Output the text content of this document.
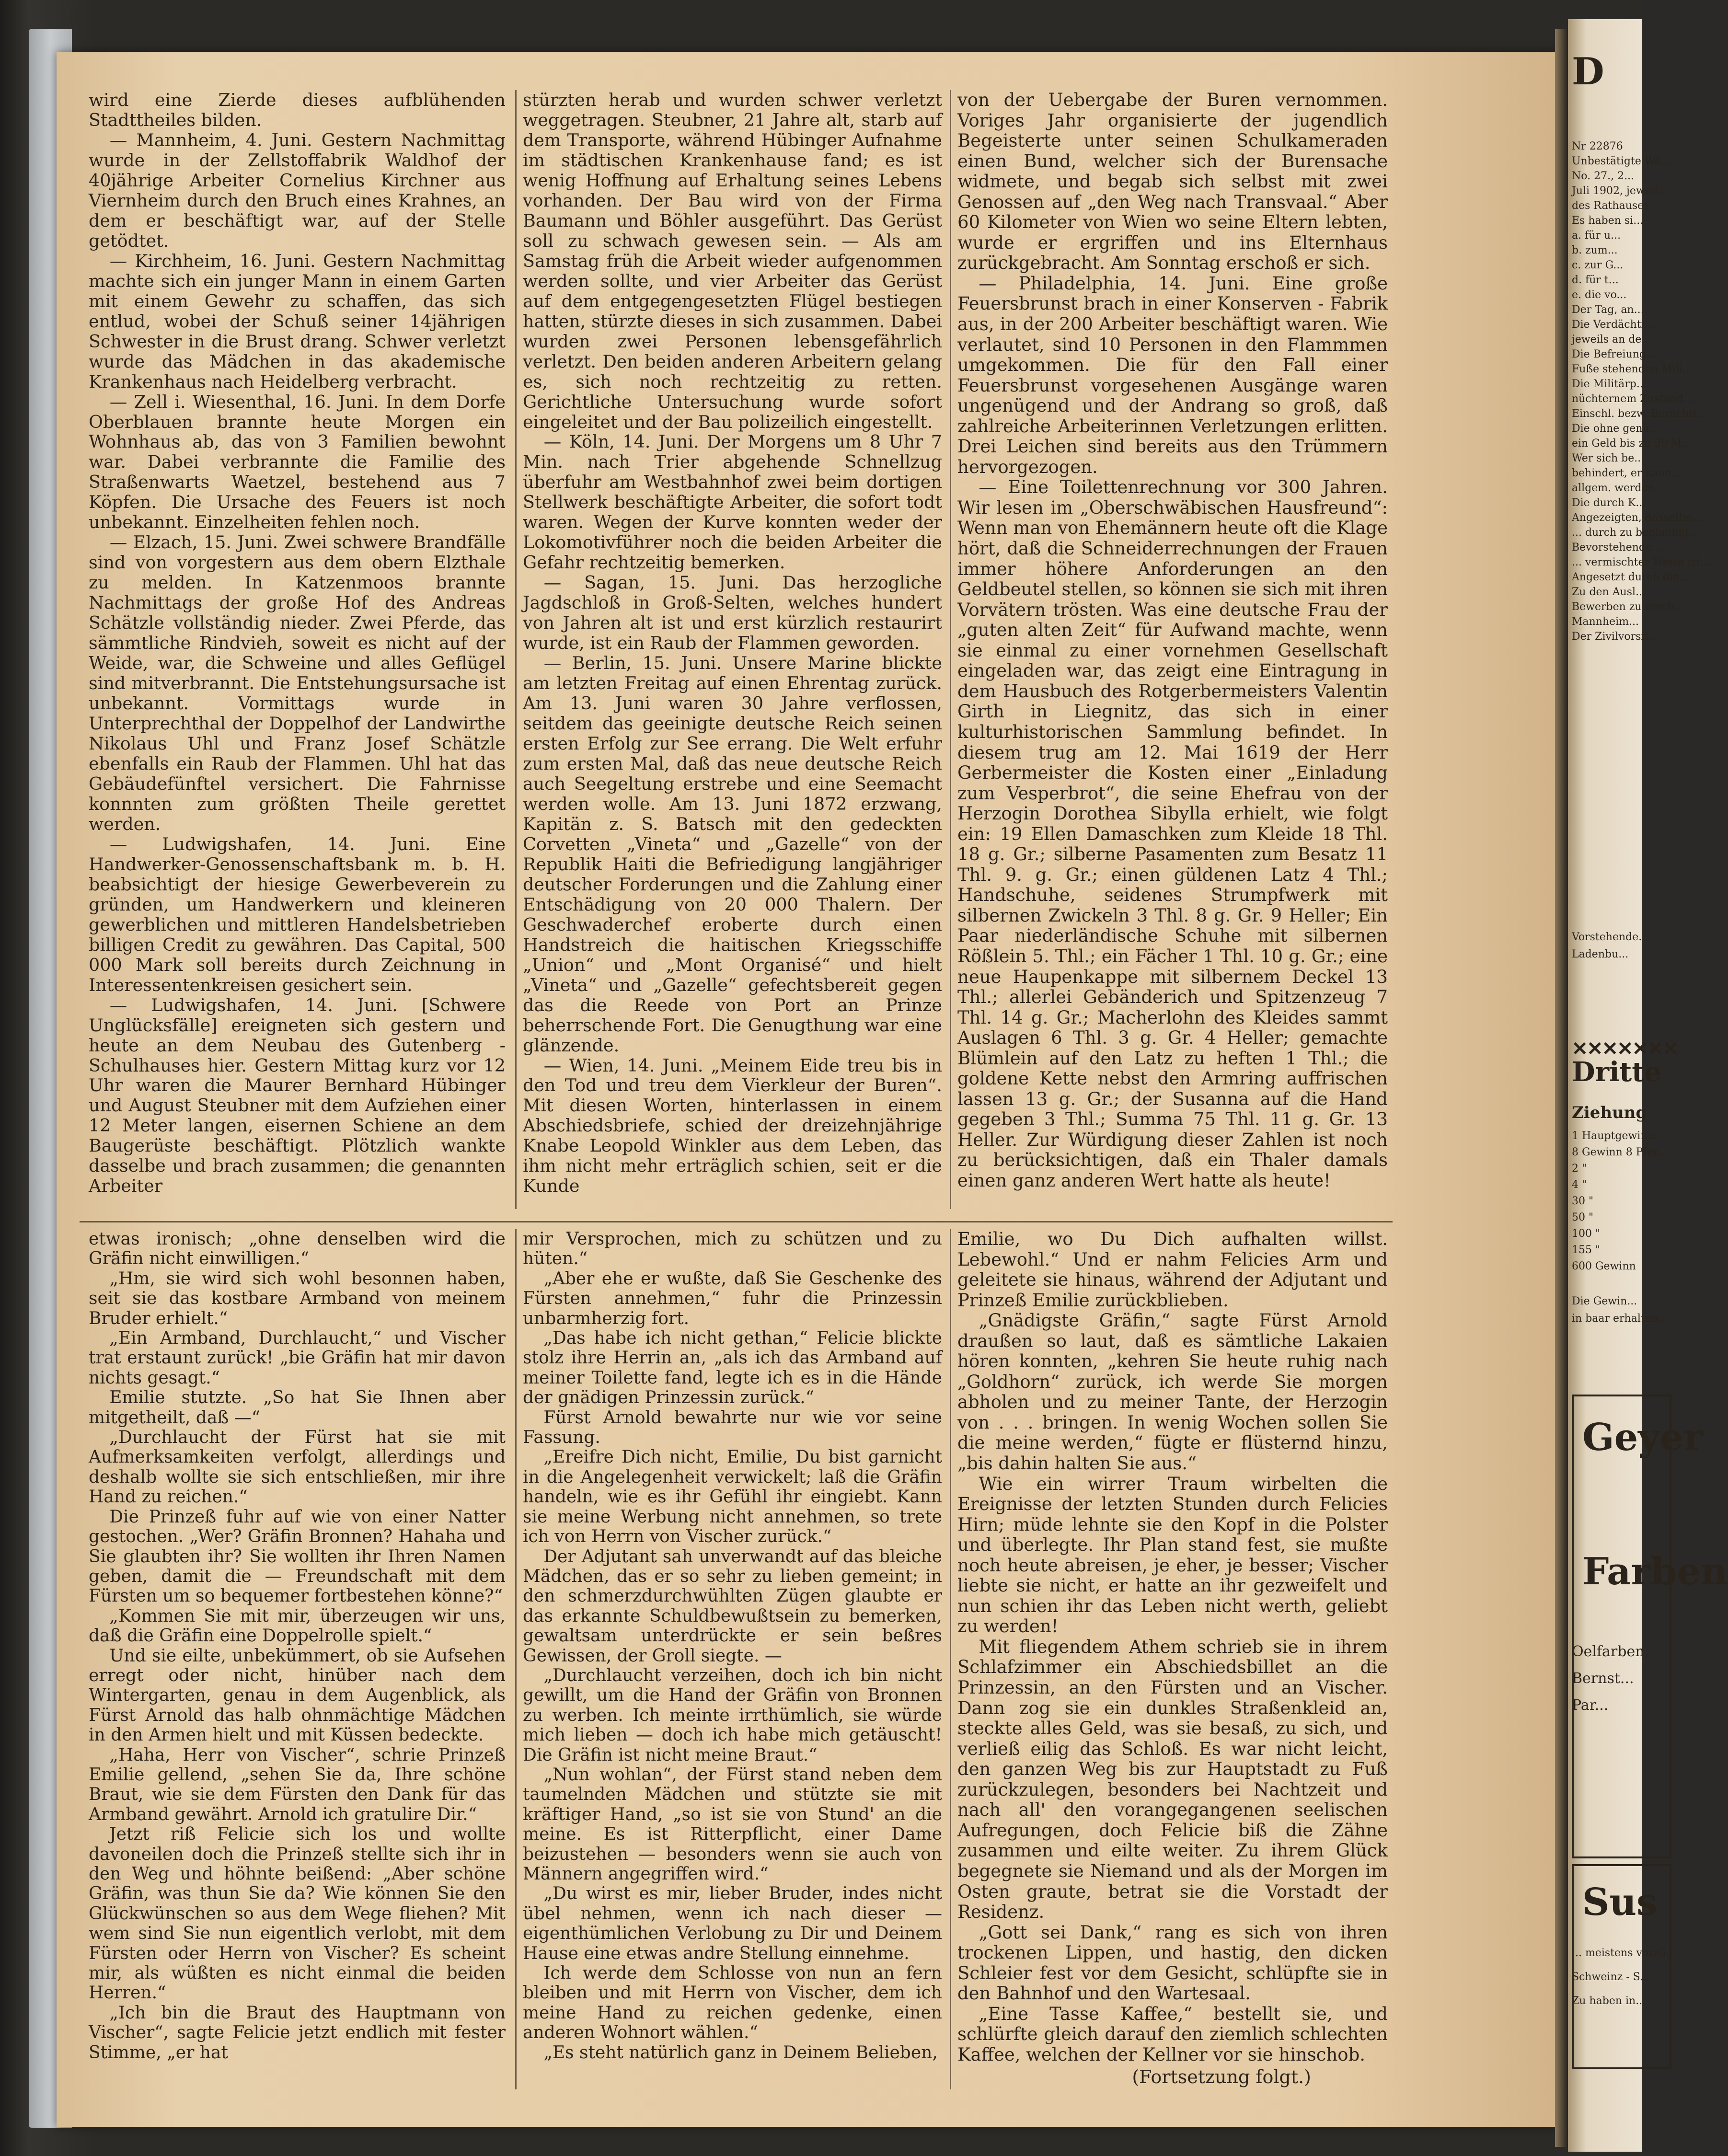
wird eine Zierde dieses aufblühenden Stadttheiles bilden.

— Mannheim, 4. Juni. Gestern Nachmittag wurde in der Zellstoffabrik Waldhof der 40jährige Arbeiter Cornelius Kirchner aus Viernheim durch den Bruch eines Krahnes, an dem er beschäftigt war, auf der Stelle getödtet.

— Kirchheim, 16. Juni. Gestern Nachmittag machte sich ein junger Mann in einem Garten mit einem Gewehr zu schaffen, das sich entlud, wobei der Schuß seiner 14jährigen Schwester in die Brust drang. Schwer verletzt wurde das Mädchen in das akademische Krankenhaus nach Heidelberg verbracht.

— Zell i. Wiesenthal, 16. Juni. In dem Dorfe Oberblauen brannte heute Morgen ein Wohnhaus ab, das von 3 Familien bewohnt war. Dabei verbrannte die Familie des Straßenwarts Waetzel, bestehend aus 7 Köpfen. Die Ursache des Feuers ist noch unbekannt. Einzelheiten fehlen noch.

— Elzach, 15. Juni. Zwei schwere Brandfälle sind von vorgestern aus dem obern Elzthale zu melden. In Katzenmoos brannte Nachmittags der große Hof des Andreas Schätzle vollständig nieder. Zwei Pferde, das sämmtliche Rindvieh, soweit es nicht auf der Weide, war, die Schweine und alles Geflügel sind mitverbrannt. Die Entstehungsursache ist unbekannt. Vormittags wurde in Unterprechthal der Doppelhof der Landwirthe Nikolaus Uhl und Franz Josef Schätzle ebenfalls ein Raub der Flammen. Uhl hat das Gebäudefünftel versichert. Die Fahrnisse konnnten zum größten Theile gerettet werden.

— Ludwigshafen, 14. Juni. Eine Handwerker-Genossenschaftsbank m. b. H. beabsichtigt der hiesige Gewerbeverein zu gründen, um Handwerkern und kleineren gewerblichen und mittleren Handelsbetrieben billigen Credit zu gewähren. Das Capital, 500 000 Mark soll bereits durch Zeichnung in Interessentenkreisen gesichert sein.

— Ludwigshafen, 14. Juni. [Schwere Unglücksfälle] ereigneten sich gestern und heute an dem Neubau des Gutenberg - Schulhauses hier. Gestern Mittag kurz vor 12 Uhr waren die Maurer Bernhard Hübinger und August Steubner mit dem Aufziehen einer 12 Meter langen, eisernen Schiene an dem Baugerüste beschäftigt. Plötzlich wankte dasselbe und brach zusammen; die genannten Arbeiter

stürzten herab und wurden schwer verletzt weggetragen. Steubner, 21 Jahre alt, starb auf dem Transporte, während Hübinger Aufnahme im städtischen Krankenhause fand; es ist wenig Hoffnung auf Erhaltung seines Lebens vorhanden. Der Bau wird von der Firma Baumann und Böhler ausgeführt. Das Gerüst soll zu schwach gewesen sein. — Als am Samstag früh die Arbeit wieder aufgenommen werden sollte, und vier Arbeiter das Gerüst auf dem entgegengesetzten Flügel bestiegen hatten, stürzte dieses in sich zusammen. Dabei wurden zwei Personen lebensgefährlich verletzt. Den beiden anderen Arbeitern gelang es, sich noch rechtzeitig zu retten. Gerichtliche Untersuchung wurde sofort eingeleitet und der Bau polizeilich eingestellt.

— Köln, 14. Juni. Der Morgens um 8 Uhr 7 Min. nach Trier abgehende Schnellzug überfuhr am Westbahnhof zwei beim dortigen Stellwerk beschäftigte Arbeiter, die sofort todt waren. Wegen der Kurve konnten weder der Lokomotivführer noch die beiden Arbeiter die Gefahr rechtzeitig bemerken.

— Sagan, 15. Juni. Das herzogliche Jagdschloß in Groß-Selten, welches hundert von Jahren alt ist und erst kürzlich restaurirt wurde, ist ein Raub der Flammen geworden.

— Berlin, 15. Juni. Unsere Marine blickte am letzten Freitag auf einen Ehrentag zurück. Am 13. Juni waren 30 Jahre verflossen, seitdem das geeinigte deutsche Reich seinen ersten Erfolg zur See errang. Die Welt erfuhr zum ersten Mal, daß das neue deutsche Reich auch Seegeltung erstrebe und eine Seemacht werden wolle. Am 13. Juni 1872 erzwang, Kapitän z. S. Batsch mit den gedeckten Corvetten „Vineta“ und „Gazelle“ von der Republik Haiti die Befriedigung langjähriger deutscher Forderungen und die Zahlung einer Entschädigung von 20 000 Thalern. Der Geschwaderchef eroberte durch einen Handstreich die haitischen Kriegsschiffe „Union“ und „Mont Organisé“ und hielt „Vineta“ und „Gazelle“ gefechtsbereit gegen das die Reede von Port an Prinze beherrschende Fort. Die Genugthung war eine glänzende.

— Wien, 14. Juni. „Meinem Eide treu bis in den Tod und treu dem Vierkleur der Buren“. Mit diesen Worten, hinterlassen in einem Abschiedsbriefe, schied der dreizehnjährige Knabe Leopold Winkler aus dem Leben, das ihm nicht mehr erträglich schien, seit er die Kunde

von der Uebergabe der Buren vernommen. Voriges Jahr organisierte der jugendlich Begeisterte unter seinen Schulkameraden einen Bund, welcher sich der Burensache widmete, und begab sich selbst mit zwei Genossen auf „den Weg nach Transvaal.“ Aber 60 Kilometer von Wien wo seine Eltern lebten, wurde er ergriffen und ins Elternhaus zurückgebracht. Am Sonntag erschoß er sich.

— Philadelphia, 14. Juni. Eine große Feuersbrunst brach in einer Konserven - Fabrik aus, in der 200 Arbeiter beschäftigt waren. Wie verlautet, sind 10 Personen in den Flammmen umgekommen. Die für den Fall einer Feuersbrunst vorgesehenen Ausgänge waren ungenügend und der Andrang so groß, daß zahlreiche Arbeiterinnen Verletzungen erlitten. Drei Leichen sind bereits aus den Trümmern hervorgezogen.

— Eine Toilettenrechnung vor 300 Jahren. Wir lesen im „Oberschwäbischen Hausfreund“: Wenn man von Ehemännern heute oft die Klage hört, daß die Schneiderrechnungen der Frauen immer höhere Anforderungen an den Geldbeutel stellen, so können sie sich mit ihren Vorvätern trösten. Was eine deutsche Frau der „guten alten Zeit“ für Aufwand machte, wenn sie einmal zu einer vornehmen Gesellschaft eingeladen war, das zeigt eine Eintragung in dem Hausbuch des Rotgerbermeisters Valentin Girth in Liegnitz, das sich in einer kulturhistorischen Sammlung befindet. In diesem trug am 12. Mai 1619 der Herr Gerbermeister die Kosten einer „Einladung zum Vesperbrot“, die seine Ehefrau von der Herzogin Dorothea Sibylla erhielt, wie folgt ein: 19 Ellen Damaschken zum Kleide 18 Thl. 18 g. Gr.; silberne Pasamenten zum Besatz 11 Thl. 9. g. Gr.; einen güldenen Latz 4 Thl.; Handschuhe, seidenes Strumpfwerk mit silbernen Zwickeln 3 Thl. 8 g. Gr. 9 Heller; Ein Paar niederländische Schuhe mit silbernen Rößlein 5. Thl.; ein Fächer 1 Thl. 10 g. Gr.; eine neue Haupenkappe mit silbernem Deckel 13 Thl.; allerlei Gebänderich und Spitzenzeug 7 Thl. 14 g. Gr.; Macherlohn des Kleides sammt Auslagen 6 Thl. 3 g. Gr. 4 Heller; gemachte Blümlein auf den Latz zu heften 1 Thl.; die goldene Kette nebst den Armring auffrischen lassen 13 g. Gr.; der Susanna auf die Hand gegeben 3 Thl.; Summa 75 Thl. 11 g. Gr. 13 Heller. Zur Würdigung dieser Zahlen ist noch zu berücksichtigen, daß ein Thaler damals einen ganz anderen Wert hatte als heute!

etwas ironisch; „ohne denselben wird die Gräfin nicht einwilligen.“

„Hm, sie wird sich wohl besonnen haben, seit sie das kostbare Armband von meinem Bruder erhielt.“

„Ein Armband, Durchlaucht,“ und Vischer trat erstaunt zurück! „bie Gräfin hat mir davon nichts gesagt.“

Emilie stutzte. „So hat Sie Ihnen aber mitgetheilt, daß —“

„Durchlaucht der Fürst hat sie mit Aufmerksamkeiten verfolgt, allerdings und deshalb wollte sie sich entschließen, mir ihre Hand zu reichen.“

Die Prinzeß fuhr auf wie von einer Natter gestochen. „Wer? Gräfin Bronnen? Hahaha und Sie glaubten ihr? Sie wollten ihr Ihren Namen geben, damit die — Freundschaft mit dem Fürsten um so bequemer fortbestehen könne?“

„Kommen Sie mit mir, überzeugen wir uns, daß die Gräfin eine Doppelrolle spielt.“

Und sie eilte, unbekümmert, ob sie Aufsehen erregt oder nicht, hinüber nach dem Wintergarten, genau in dem Augenblick, als Fürst Arnold das halb ohnmächtige Mädchen in den Armen hielt und mit Küssen bedeckte.

„Haha, Herr von Vischer“, schrie Prinzeß Emilie gellend, „sehen Sie da, Ihre schöne Braut, wie sie dem Fürsten den Dank für das Armband gewährt. Arnold ich gratulire Dir.“

Jetzt riß Felicie sich los und wollte davoneilen doch die Prinzeß stellte sich ihr in den Weg und höhnte beißend: „Aber schöne Gräfin, was thun Sie da? Wie können Sie den Glückwünschen so aus dem Wege fliehen? Mit wem sind Sie nun eigentlich verlobt, mit dem Fürsten oder Herrn von Vischer? Es scheint mir, als wüßten es nicht einmal die beiden Herren.“

„Ich bin die Braut des Hauptmann von Vischer“, sagte Felicie jetzt endlich mit fester Stimme, „er hat

mir Versprochen, mich zu schützen und zu hüten.“

„Aber ehe er wußte, daß Sie Geschenke des Fürsten annehmen,“ fuhr die Prinzessin unbarmherzig fort.

„Das habe ich nicht gethan,“ Felicie blickte stolz ihre Herrin an, „als ich das Armband auf meiner Toilette fand, legte ich es in die Hände der gnädigen Prinzessin zurück.“

Fürst Arnold bewahrte nur wie vor seine Fassung.

„Ereifre Dich nicht, Emilie, Du bist garnicht in die Angelegenheit verwickelt; laß die Gräfin handeln, wie es ihr Gefühl ihr eingiebt. Kann sie meine Werbung nicht annehmen, so trete ich von Herrn von Vischer zurück.“

Der Adjutant sah unverwandt auf das bleiche Mädchen, das er so sehr zu lieben gemeint; in den schmerzdurchwühlten Zügen glaubte er das erkannte Schuldbewußtsein zu bemerken, gewaltsam unterdrückte er sein beßres Gewissen, der Groll siegte. —

„Durchlaucht verzeihen, doch ich bin nicht gewillt, um die Hand der Gräfin von Bronnen zu werben. Ich meinte irrthümlich, sie würde mich lieben — doch ich habe mich getäuscht! Die Gräfin ist nicht meine Braut.“

„Nun wohlan“, der Fürst stand neben dem taumelnden Mädchen und stützte sie mit kräftiger Hand, „so ist sie von Stund' an die meine. Es ist Ritterpflicht, einer Dame beizustehen — besonders wenn sie auch von Männern angegriffen wird.“

„Du wirst es mir, lieber Bruder, indes nicht übel nehmen, wenn ich nach dieser — eigenthümlichen Verlobung zu Dir und Deinem Hause eine etwas andre Stellung einnehme.

Ich werde dem Schlosse von nun an fern bleiben und mit Herrn von Vischer, dem ich meine Hand zu reichen gedenke, einen anderen Wohnort wählen.“

„Es steht natürlich ganz in Deinem Belieben,

Emilie, wo Du Dich aufhalten willst. Lebewohl.“ Und er nahm Felicies Arm und geleitete sie hinaus, während der Adjutant und Prinzeß Emilie zurückblieben.

„Gnädigste Gräfin,“ sagte Fürst Arnold draußen so laut, daß es sämtliche Lakaien hören konnten, „kehren Sie heute ruhig nach „Goldhorn“ zurück, ich werde Sie morgen abholen und zu meiner Tante, der Herzogin von . . . bringen. In wenig Wochen sollen Sie die meine werden,“ fügte er flüsternd hinzu, „bis dahin halten Sie aus.“

Wie ein wirrer Traum wirbelten die Ereignisse der letzten Stunden durch Felicies Hirn; müde lehnte sie den Kopf in die Polster und überlegte. Ihr Plan stand fest, sie mußte noch heute abreisen, je eher, je besser; Vischer liebte sie nicht, er hatte an ihr gezweifelt und nun schien ihr das Leben nicht werth, geliebt zu werden!

Mit fliegendem Athem schrieb sie in ihrem Schlafzimmer ein Abschiedsbillet an die Prinzessin, an den Fürsten und an Vischer. Dann zog sie ein dunkles Straßenkleid an, steckte alles Geld, was sie besaß, zu sich, und verließ eilig das Schloß. Es war nicht leicht, den ganzen Weg bis zur Hauptstadt zu Fuß zurückzulegen, besonders bei Nachtzeit und nach all' den vorangegangenen seelischen Aufregungen, doch Felicie biß die Zähne zusammen und eilte weiter. Zu ihrem Glück begegnete sie Niemand und als der Morgen im Osten graute, betrat sie die Vorstadt der Residenz.

„Gott sei Dank,“ rang es sich von ihren trockenen Lippen, und hastig, den dicken Schleier fest vor dem Gesicht, schlüpfte sie in den Bahnhof und den Wartesaal.

„Eine Tasse Kaffee,“ bestellt sie, und schlürfte gleich darauf den ziemlich schlechten Kaffee, welchen der Kellner vor sie hinschob.

(Fortsetzung folgt.)
Nr 22876
Unbestätigte Wa...
No. 27., 2...
Juli 1902, jeweil...
des Rathauses,
Es haben si...
a. für u...
b. zum...
c. zur G...
d. für t...
e. die vo...
Der Tag, an...
Die Verdächti...
jeweils an de...
Die Befreiung...
Fuße stehenden Mili...
Die Militärp...
nüchternem Zustand...
Einschl. bezw. Berechti...
Die ohne genü...
ein Geld bis zu 30 M...
Wer sich be...
behindert, er kann...
allgem. werden.
Die durch K...
Angezeigten, dasselbe...
... durch zu beglaubig...
Bevorstehende...
... vermischter Weise ist...
Angesetzt durch die...
Zu den Ausl...
Bewerben zu ersch...
Mannheim...
Der Zivilvorsit...
D
Vorstehende...
Ladenbu...
✕✕✕✕✕✕✕
Dritte
Ziehung
1 Hauptgewinn:
8 Gewinn 8 Pfer...
2 "
4 "
30 "
50 "
100 "
155 "
600 Gewinn
Die Gewin...
in baar erhalten...
Geyer
Farben
Oelfarben,
Bernst...
Par...
Sus
... meistens vorzü...
Schweinz - S...
Zu haben in...
